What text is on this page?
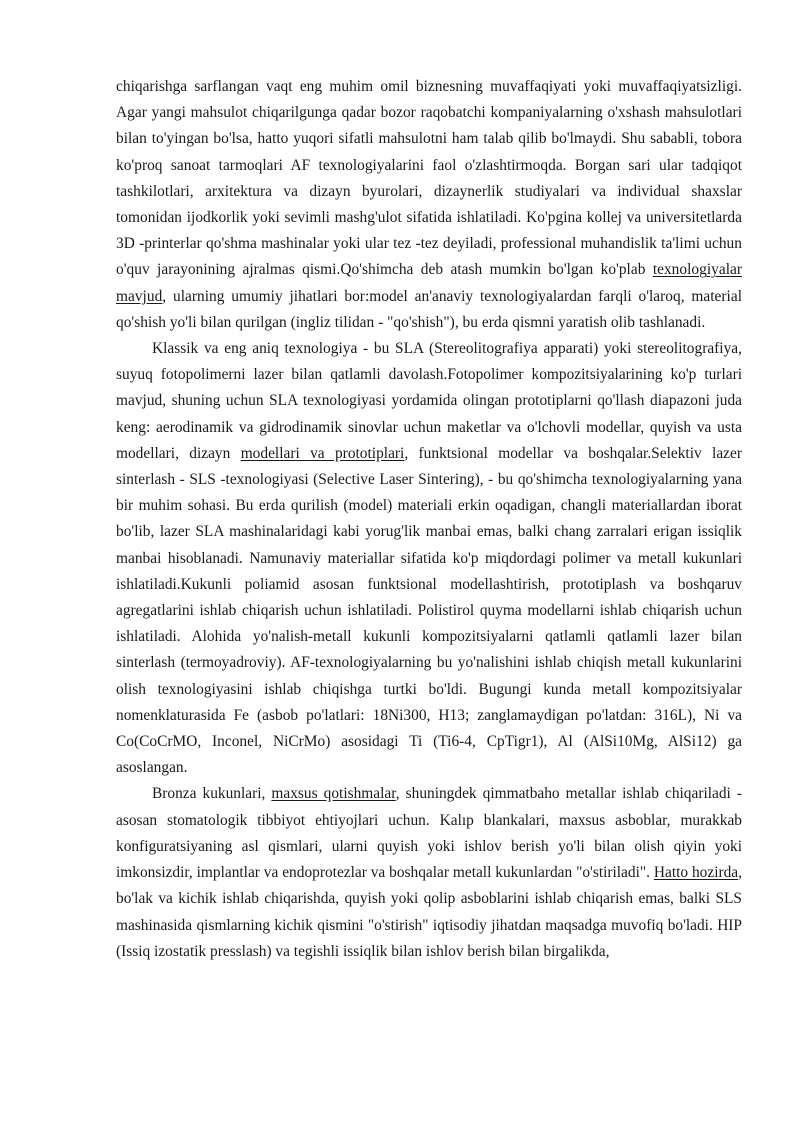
chiqarishga sarflangan vaqt eng muhim omil biznesning muvaffaqiyati yoki muvaffaqiyatsizligi. Agar yangi mahsulot chiqarilgunga qadar bozor raqobatchi kompaniyalarning o'xshash mahsulotlari bilan to'yingan bo'lsa, hatto yuqori sifatli mahsulotni ham talab qilib bo'lmaydi. Shu sababli, tobora ko'proq sanoat tarmoqlari AF texnologiyalarini faol o'zlashtirmoqda. Borgan sari ular tadqiqot tashkilotlari, arxitektura va dizayn byurolari, dizaynerlik studiyalari va individual shaxslar tomonidan ijodkorlik yoki sevimli mashg'ulot sifatida ishlatiladi. Ko'pgina kollej va universitetlarda 3D -printerlar qo'shma mashinalar yoki ular tez -tez deyiladi, professional muhandislik ta'limi uchun o'quv jarayonining ajralmas qismi.Qo'shimcha deb atash mumkin bo'lgan ko'plab texnologiyalar mavjud, ularning umumiy jihatlari bor:model an'anaviy texnologiyalardan farqli o'laroq, material qo'shish yo'li bilan qurilgan (ingliz tilidan - "qo'shish"), bu erda qismni yaratish olib tashlanadi.

Klassik va eng aniq texnologiya - bu SLA (Stereolitografiya apparati) yoki stereolitografiya, suyuq fotopolimerni lazer bilan qatlamli davolash.Fotopolimer kompozitsiyalarining ko'p turlari mavjud, shuning uchun SLA texnologiyasi yordamida olingan prototiplarni qo'llash diapazoni juda keng: aerodinamik va gidrodinamik sinovlar uchun maketlar va o'lchovli modellar, quyish va usta modellari, dizayn modellari va prototiplari, funktsional modellar va boshqalar.Selektiv lazer sinterlash - SLS -texnologiyasi (Selective Laser Sintering), - bu qo'shimcha texnologiyalarning yana bir muhim sohasi. Bu erda qurilish (model) materiali erkin oqadigan, changli materiallardan iborat bo'lib, lazer SLA mashinalaridagi kabi yorug'lik manbai emas, balki chang zarralari erigan issiqlik manbai hisoblanadi. Namunaviy materiallar sifatida ko'p miqdordagi polimer va metall kukunlari ishlatiladi.Kukunli poliamid asosan funktsional modellashtirish, prototiplash va boshqaruv agregatlarini ishlab chiqarish uchun ishlatiladi. Polistirol quyma modellarni ishlab chiqarish uchun ishlatiladi. Alohida yo'nalish-metall kukunli kompozitsiyalarni qatlamli qatlamli lazer bilan sinterlash (termoyadroviy). AF-texnologiyalarning bu yo'nalishini ishlab chiqish metall kukunlarini olish texnologiyasini ishlab chiqishga turtki bo'ldi. Bugungi kunda metall kompozitsiyalar nomenklaturasida Fe (asbob po'latlari: 18Ni300, H13; zanglamaydigan po'latdan: 316L), Ni va Co(CoCrMO, Inconel, NiCrMo) asosidagi Ti (Ti6-4, CpTigr1), Al (AlSi10Mg, AlSi12) ga asoslangan.

Bronza kukunlari, maxsus qotishmalar, shuningdek qimmatbaho metallar ishlab chiqariladi - asosan stomatologik tibbiyot ehtiyojlari uchun. Kalıp blankalari, maxsus asboblar, murakkab konfiguratsiyaning asl qismlari, ularni quyish yoki ishlov berish yo'li bilan olish qiyin yoki imkonsizdir, implantlar va endoprotezlar va boshqalar metall kukunlardan "o'stiriladi". Hatto hozirda, bo'lak va kichik ishlab chiqarishda, quyish yoki qolip asboblarini ishlab chiqarish emas, balki SLS mashinasida qismlarning kichik qismini "o'stirish" iqtisodiy jihatdan maqsadga muvofiq bo'ladi. HIP (Issiq izostatik presslash) va tegishli issiqlik bilan ishlov berish bilan birgalikda,
